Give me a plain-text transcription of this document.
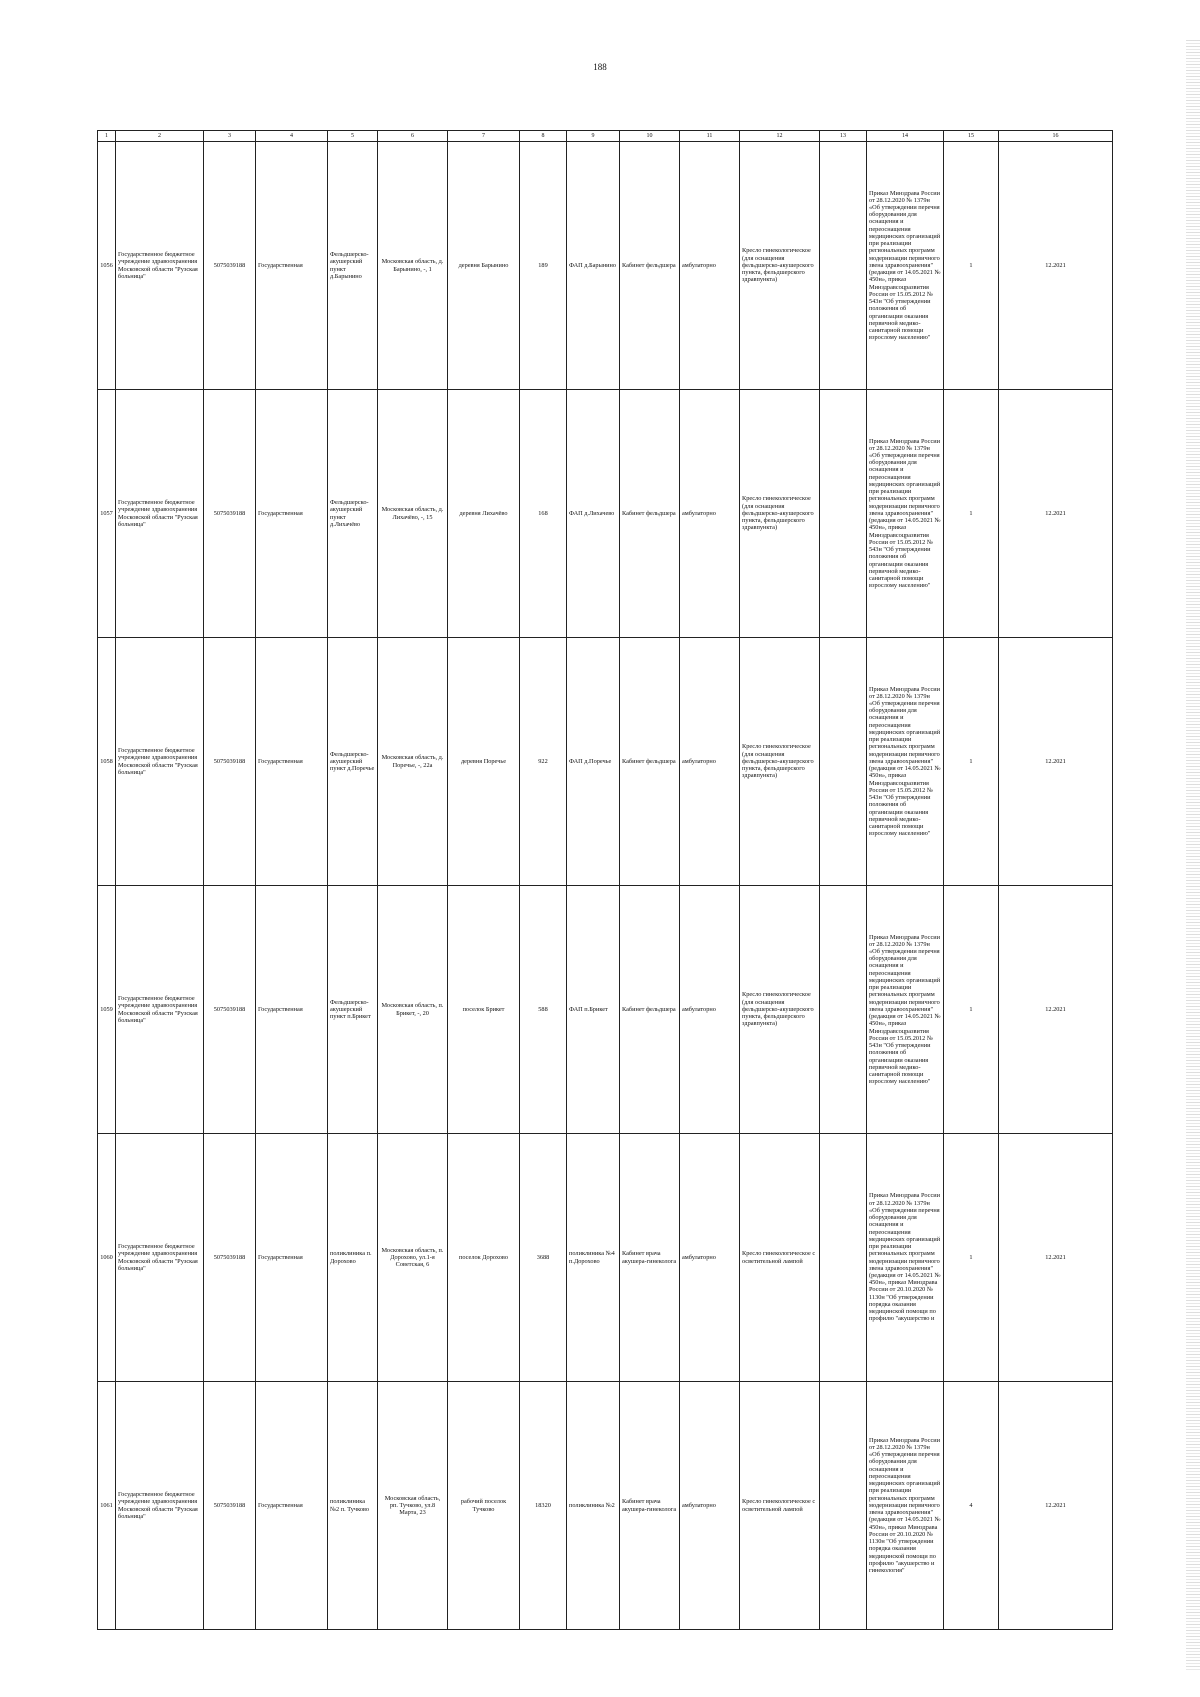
188
1	2	3	4	5	6	7	8	9	10	11	12	13	14	15	16
1056	Государственное бюджетное учреждение здравоохранения Московской области "Рузская больница"	5075039188	Государственная	Фельдшерско-акушерский пункт д.Барынино	Московская область, д. Барынино, -, 1	деревня Барынино	189	ФАП д.Барынино	Кабинет фельдшера	амбулаторно	Кресло гинекологическое (для оснащения фельдшерско-акушерского пункта, фельдшерского здравпункта)		Приказ Минздрава России от 28.12.2020 № 1379н «Об утверждении перечня оборудования для оснащения и переоснащения медицинских организаций при реализации региональных программ модернизации первичного звена здравоохранения"(редакция от 14.05.2021 № 450н», приказ Минздравсоцразвития России от 15.05.2012 № 543н "Об утверждении положения об организации оказания первичной медико-санитарной помощи взрослому населению"	1	12.2021
1057	Государственное бюджетное учреждение здравоохранения Московской области "Рузская больница"	5075039188	Государственная	Фельдшерско-акушерский пункт д.Лихачёво	Московская область, д. Лихачёво, -, 15	деревня Лихачёво	168	ФАП д.Лихачево	Кабинет фельдшера	амбулаторно	Кресло гинекологическое (для оснащения фельдшерско-акушерского пункта, фельдшерского здравпункта)		Приказ Минздрава России от 28.12.2020 № 1379н «Об утверждении перечня оборудования для оснащения и переоснащения медицинских организаций при реализации региональных программ модернизации первичного звена здравоохранения"(редакция от 14.05.2021 № 450н», приказ Минздравсоцразвития России от 15.05.2012 № 543н "Об утверждении положения об организации оказания первичной медико-санитарной помощи взрослому населению"	1	12.2021
1058	Государственное бюджетное учреждение здравоохранения Московской области "Рузская больница"	5075039188	Государственная	Фельдшерско-акушерский пункт д.Поречье	Московская область, д. Поречье, -, 22а	деревня Поречье	922	ФАП д.Поречье	Кабинет фельдшера	амбулаторно	Кресло гинекологическое (для оснащения фельдшерско-акушерского пункта, фельдшерского здравпункта)		Приказ Минздрава России от 28.12.2020 № 1379н «Об утверждении перечня оборудования для оснащения и переоснащения медицинских организаций при реализации региональных программ модернизации первичного звена здравоохранения"(редакция от 14.05.2021 № 450н», приказ Минздравсоцразвития России от 15.05.2012 № 543н "Об утверждении положения об организации оказания первичной медико-санитарной помощи взрослому населению"	1	12.2021
1059	Государственное бюджетное учреждение здравоохранения Московской области "Рузская больница"	5075039188	Государственная	Фельдшерско-акушерский пункт п.Брикет	Московская область, п. Брикет, -, 20	поселок Брикет	588	ФАП п.Брикет	Кабинет фельдшера	амбулаторно	Кресло гинекологическое (для оснащения фельдшерско-акушерского пункта, фельдшерского здравпункта)		Приказ Минздрава России от 28.12.2020 № 1379н «Об утверждении перечня оборудования для оснащения и переоснащения медицинских организаций при реализации региональных программ модернизации первичного звена здравоохранения"(редакция от 14.05.2021 № 450н», приказ Минздравсоцразвития России от 15.05.2012 № 543н "Об утверждении положения об организации оказания первичной медико-санитарной помощи взрослому населению"	1	12.2021
1060	Государственное бюджетное учреждение здравоохранения Московской области "Рузская больница"	5075039188	Государственная	поликлиника п. Дорохово	Московская область, п. Дорохово, ул.1-я Советская, 6	поселок Дорохово	3688	поликлиника №4 п.Дорохово	Кабинет врача акушера-гинеколога	амбулаторно	Кресло гинекологическое с осветительной лампой		Приказ Минздрава России от 28.12.2020 № 1379н «Об утверждении перечня оборудования для оснащения и переоснащения медицинских организаций при реализации региональных программ модернизации первичного звена здравоохранения"(редакция от 14.05.2021 № 450н», приказ Минздрава России от 20.10.2020 № 1130н "Об утверждении порядка оказания медицинской помощи по профилю "акушерство и	1	12.2021
1061	Государственное бюджетное учреждение здравоохранения Московской области "Рузская больница"	5075039188	Государственная	поликлиника №2 п. Тучково	Московская область, рп. Тучково, ул.8 Марта, 23	рабочий поселок Тучково	18320	поликлиника №2	Кабинет врача акушера-гинеколога	амбулаторно	Кресло гинекологическое с осветительной лампой		Приказ Минздрава России от 28.12.2020 № 1379н «Об утверждении перечня оборудования для оснащения и переоснащения медицинских организаций при реализации региональных программ модернизации первичного звена здравоохранения"(редакция от 14.05.2021 № 450н», приказ Минздрава России от 20.10.2020 № 1130н "Об утверждении порядка оказания медицинской помощи по профилю "акушерство и гинекология"	4	12.2021
